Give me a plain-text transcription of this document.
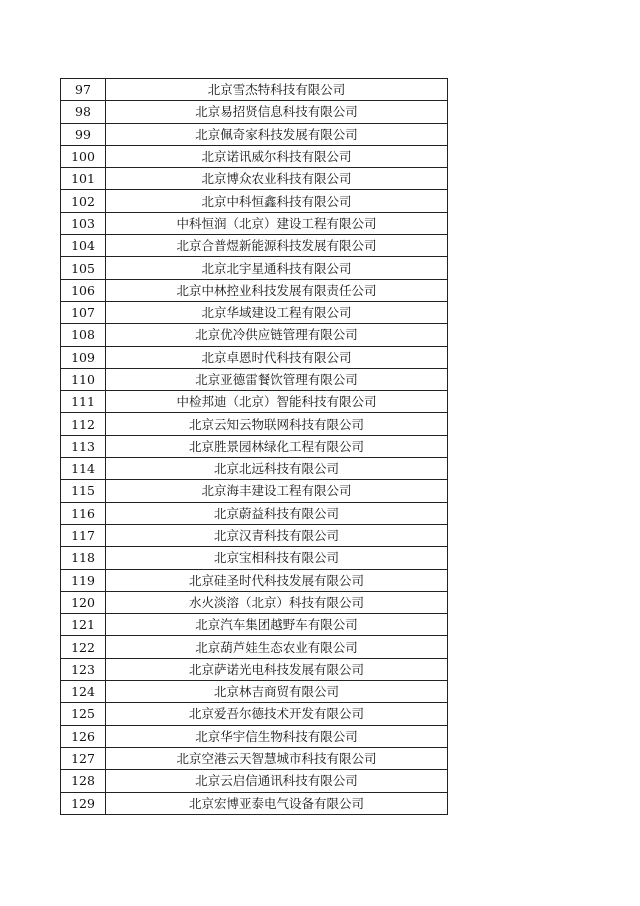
97	北京雪杰特科技有限公司
98	北京易招贤信息科技有限公司
99	北京佩奇家科技发展有限公司
100	北京诺讯威尔科技有限公司
101	北京博众农业科技有限公司
102	北京中科恒鑫科技有限公司
103	中科恒润（北京）建设工程有限公司
104	北京合普煜新能源科技发展有限公司
105	北京北宇星通科技有限公司
106	北京中林控业科技发展有限责任公司
107	北京华域建设工程有限公司
108	北京优冷供应链管理有限公司
109	北京卓恩时代科技有限公司
110	北京亚德雷餐饮管理有限公司
111	中检邦迪（北京）智能科技有限公司
112	北京云知云物联网科技有限公司
113	北京胜景园林绿化工程有限公司
114	北京北远科技有限公司
115	北京海丰建设工程有限公司
116	北京蔚益科技有限公司
117	北京汉青科技有限公司
118	北京宝相科技有限公司
119	北京硅圣时代科技发展有限公司
120	水火淡溶（北京）科技有限公司
121	北京汽车集团越野车有限公司
122	北京葫芦娃生态农业有限公司
123	北京萨诺光电科技发展有限公司
124	北京林吉商贸有限公司
125	北京爱吾尔德技术开发有限公司
126	北京华宇信生物科技有限公司
127	北京空港云天智慧城市科技有限公司
128	北京云启信通讯科技有限公司
129	北京宏博亚泰电气设备有限公司
